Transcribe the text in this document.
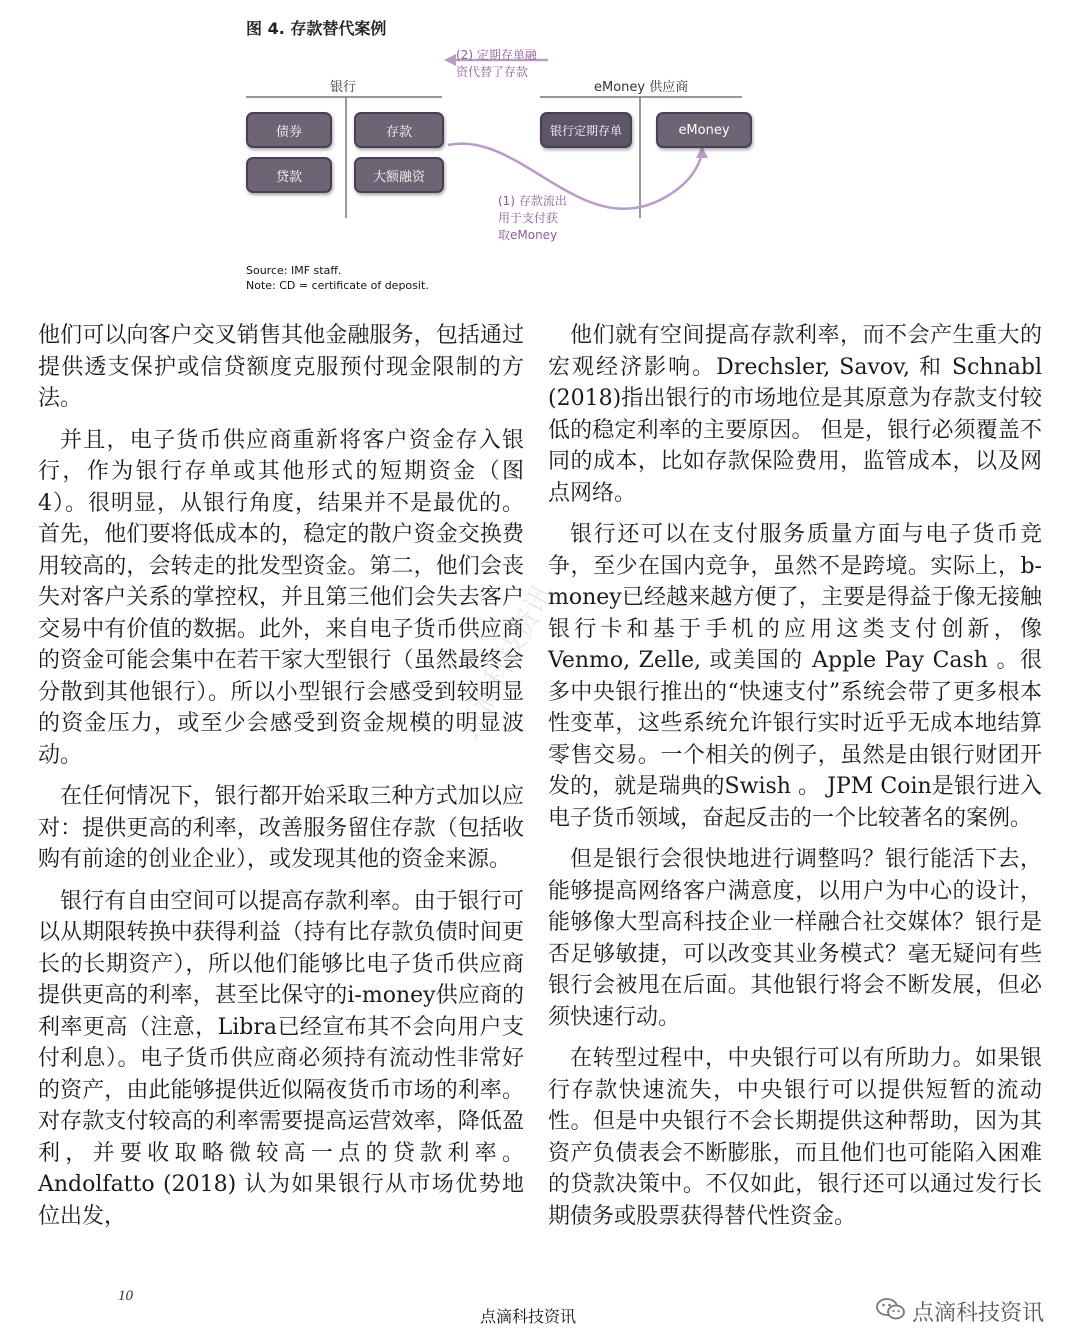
图 4. 存款替代案例
银行	eMoney 供应商
债券	存款
贷款	大额融资
银行定期存单	eMoney
(2) 定期存单融
资代替了存款
(1) 存款流出
用于支付获
取eMoney
Source: IMF staff.
Note: CD = certificate of deposit.

他们可以向客户交叉销售其他金融服务，包括通过提供透支保护或信贷额度克服预付现金限制的方法。

并且，电子货币供应商重新将客户资金存入银行，作为银行存单或其他形式的短期资金（图4）。很明显，从银行角度，结果并不是最优的。首先，他们要将低成本的，稳定的散户资金交换费用较高的，会转走的批发型资金。第二，他们会丧失对客户关系的掌控权，并且第三他们会失去客户交易中有价值的数据。此外，来自电子货币供应商的资金可能会集中在若干家大型银行（虽然最终会分散到其他银行）。所以小型银行会感受到较明显的资金压力，或至少会感受到资金规模的明显波动。

在任何情况下，银行都开始采取三种方式加以应对：提供更高的利率，改善服务留住存款（包括收购有前途的创业企业），或发现其他的资金来源。

银行有自由空间可以提高存款利率。由于银行可以从期限转换中获得利益（持有比存款负债时间更长的长期资产），所以他们能够比电子货币供应商提供更高的利率，甚至比保守的i-money供应商的利率更高（注意，Libra已经宣布其不会向用户支付利息）。电子货币供应商必须持有流动性非常好的资产，由此能够提供近似隔夜货币市场的利率。对存款支付较高的利率需要提高运营效率，降低盈利，并要收取略微较高一点的贷款利率。Andolfatto (2018) 认为如果银行从市场优势地位出发，

他们就有空间提高存款利率，而不会产生重大的宏观经济影响。Drechsler, Savov, 和 Schnabl (2018)指出银行的市场地位是其原意为存款支付较低的稳定利率的主要原因。 但是，银行必须覆盖不同的成本，比如存款保险费用，监管成本，以及网点网络。

银行还可以在支付服务质量方面与电子货币竞争，至少在国内竞争，虽然不是跨境。实际上，b-money已经越来越方便了，主要是得益于像无接触银行卡和基于手机的应用这类支付创新，像 Venmo, Zelle, 或美国的 Apple Pay Cash 。很多中央银行推出的“快速支付”系统会带了更多根本性变革，这些系统允许银行实时近乎无成本地结算零售交易。一个相关的例子，虽然是由银行财团开发的，就是瑞典的Swish 。 JPM Coin是银行进入电子货币领域，奋起反击的一个比较著名的案例。

但是银行会很快地进行调整吗？银行能活下去，能够提高网络客户满意度，以用户为中心的设计，能够像大型高科技企业一样融合社交媒体？银行是否足够敏捷，可以改变其业务模式？毫无疑问有些银行会被甩在后面。其他银行将会不断发展，但必须快速行动。

在转型过程中，中央银行可以有所助力。如果银行存款快速流失，中央银行可以提供短暂的流动性。但是中央银行不会长期提供这种帮助，因为其资产负债表会不断膨胀，而且他们也可能陷入困难的贷款决策中。不仅如此，银行还可以通过发行长期债务或股票获得替代性资金。

点滴科技资讯
10
点滴科技资讯	点滴科技资讯
